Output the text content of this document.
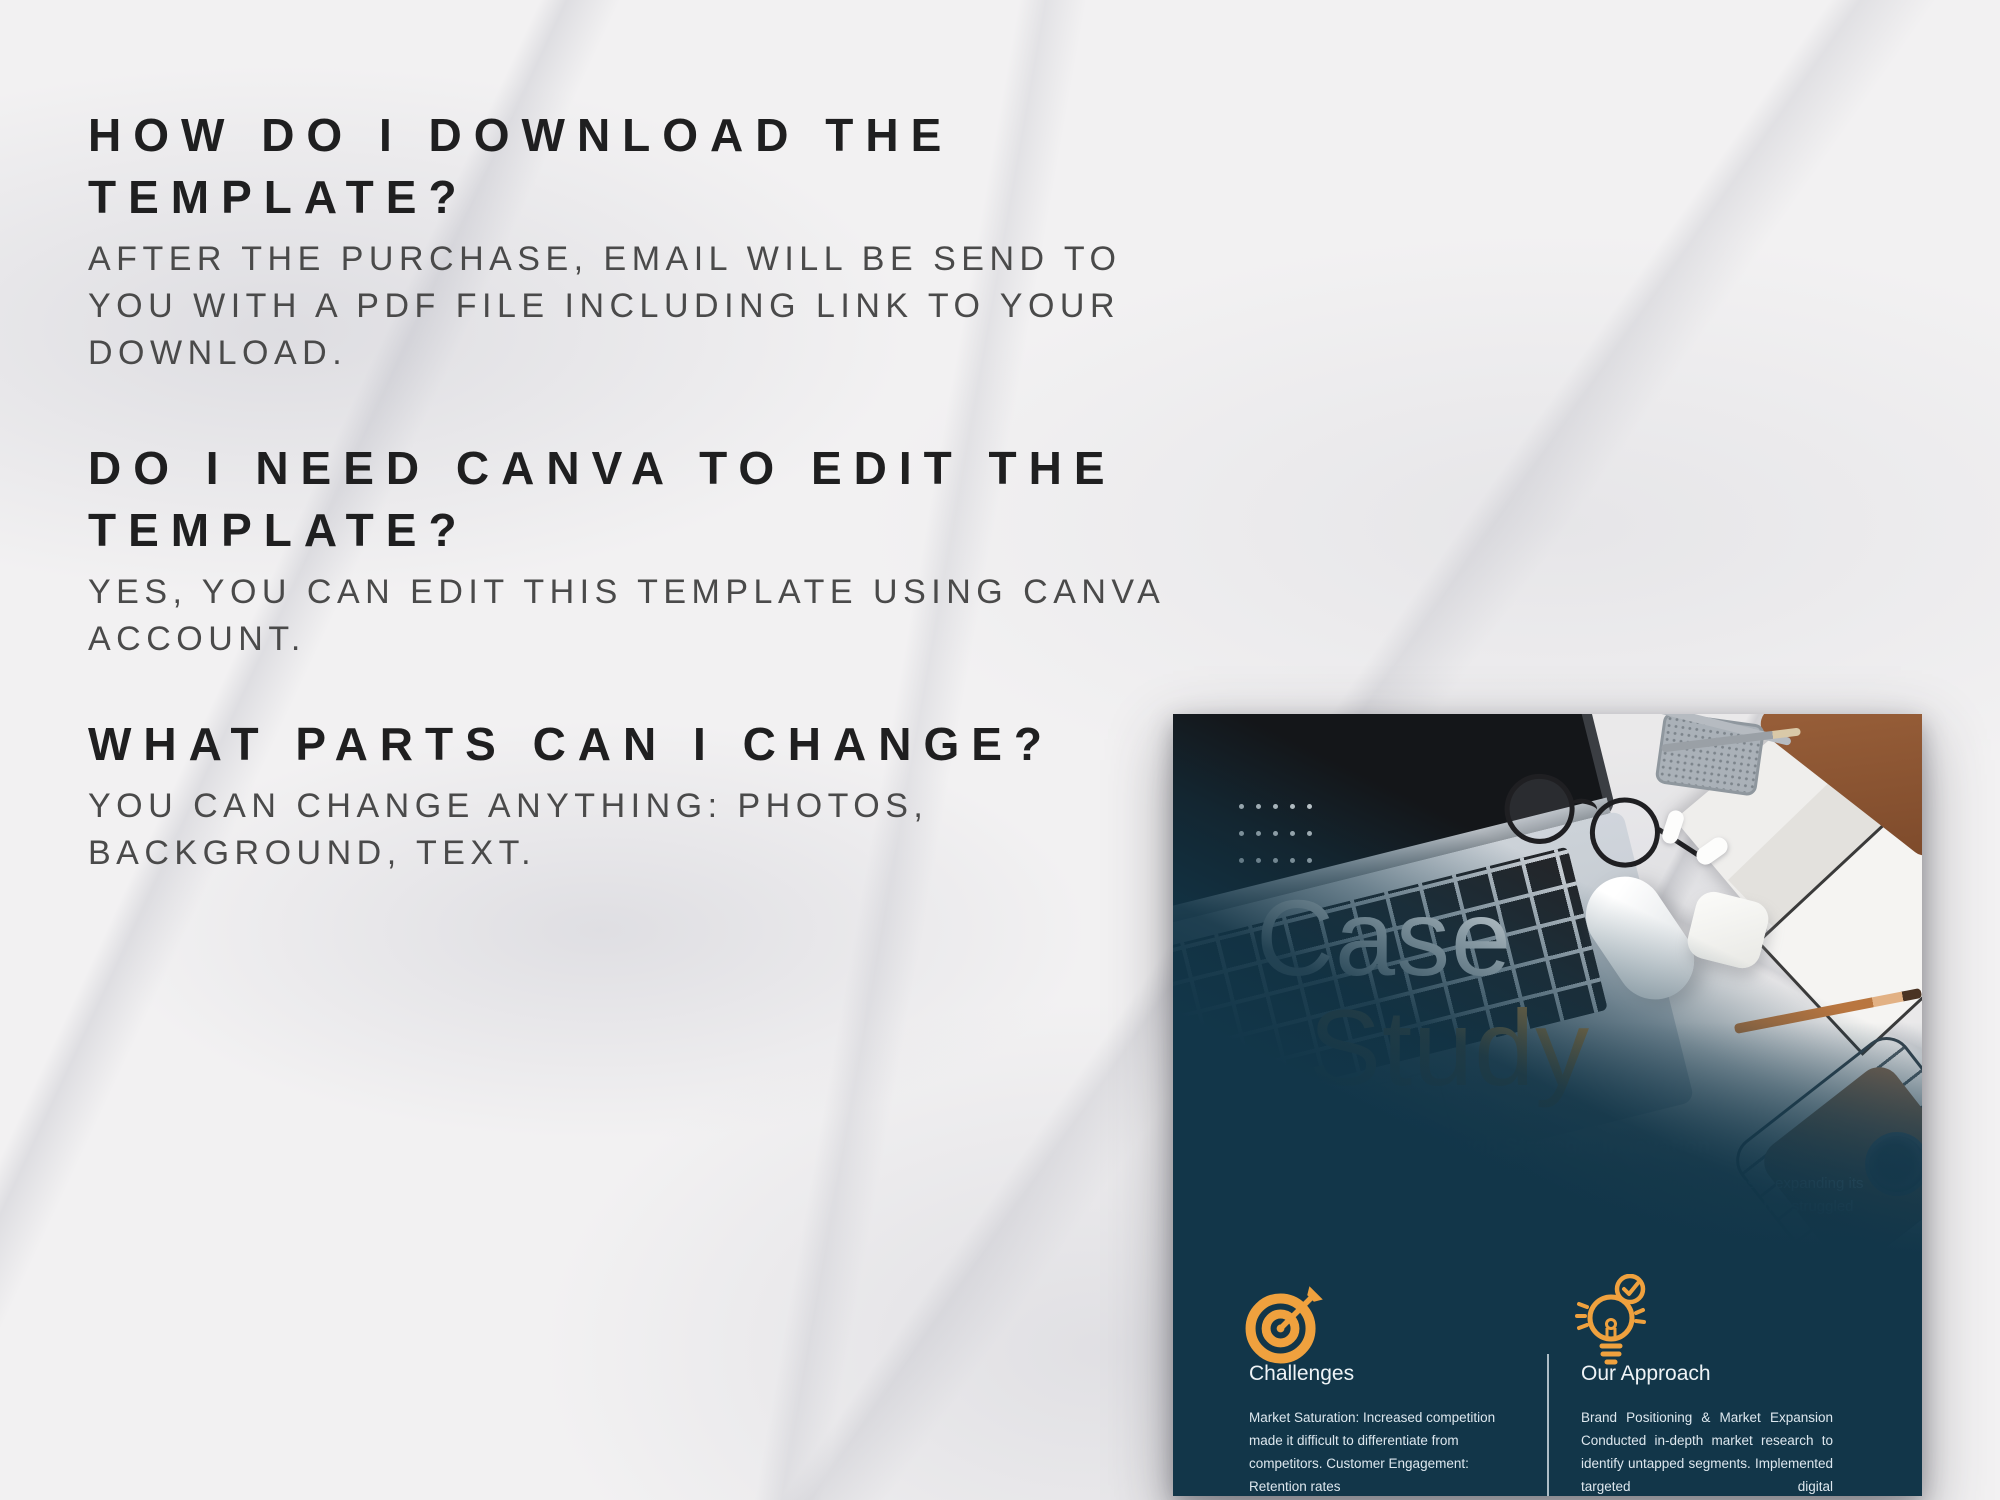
HOW DO I DOWNLOAD THE TEMPLATE?
AFTER THE PURCHASE, EMAIL WILL BE SEND TO YOU WITH A PDF FILE INCLUDING LINK TO YOUR DOWNLOAD.
DO I NEED CANVA TO EDIT THE TEMPLATE?
YES, YOU CAN EDIT THIS TEMPLATE USING CANVA ACCOUNT.
WHAT PARTS CAN I CHANGE?
YOU CAN CHANGE ANYTHING: PHOTOS, BACKGROUND, TEXT.
Challenges	Our Approach
Market Saturation: Increased competition made it difficult to differentiate from competitors. Customer Engagement: Retention rates
Brand Positioning & Market Expansion Conducted in-depth market research to identify untapped segments. Implemented targeted digital
